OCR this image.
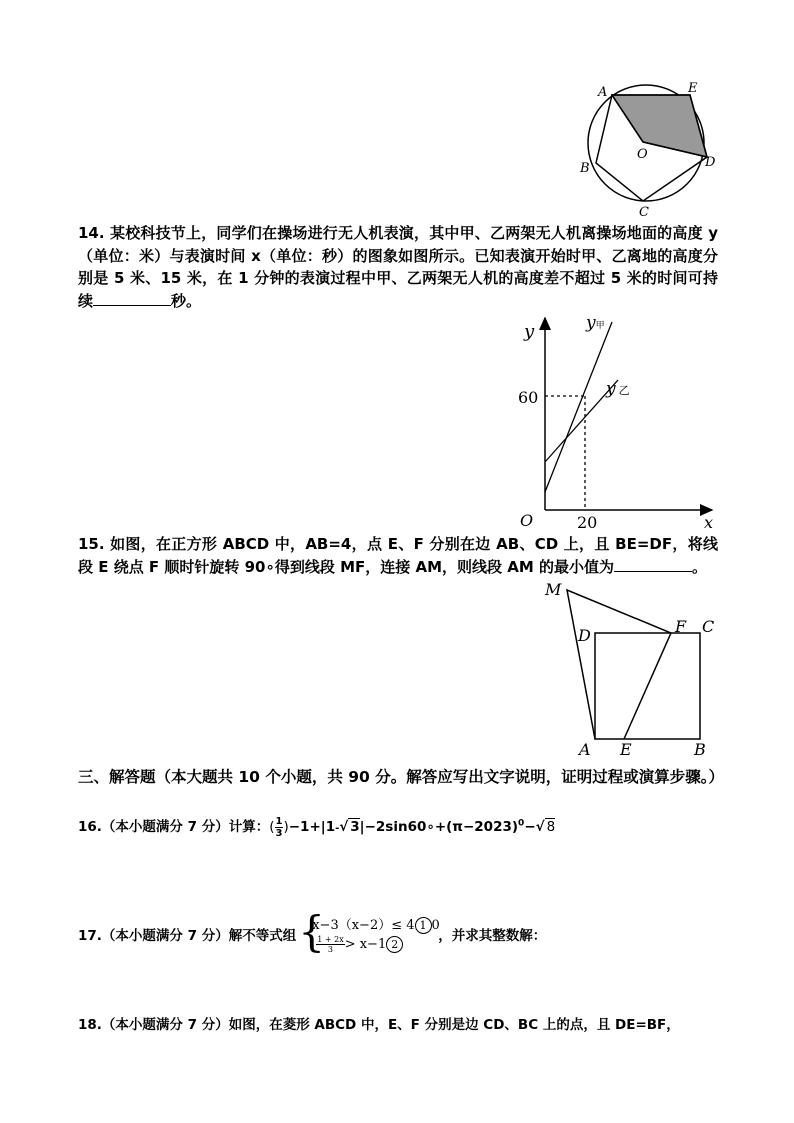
A	E
O
D
B
C
14. 某校科技节上，同学们在操场进行无人机表演，其中甲、乙两架无人机离操场地面的高度 y（单位：米）与表演时间 x（单位：秒）的图象如图所示。已知表演开始时甲、乙离地的高度分别是 5 米、15 米，在 1 分钟的表演过程中甲、乙两架无人机的高度差不超过 5 米的时间可持续	秒。
y	y甲
y乙
60
O	20	x
15. 如图，在正方形 ABCD 中，AB=4，点 E、F 分别在边 AB、CD 上，且 BE=DF，将线段 E 绕点 F 顺时针旋转 90∘得到线段 MF，连接 AM，则线段 AM 的最小值为	。
M
D	F C
A E	B
三、解答题（本大题共 10 个小题，共 90 分。解答应写出文字说明，证明过程或演算步骤。）
16.（本小题满分 7 分）计算：( $\frac{1}{3} )-1+|1-√$ $3|-2\sin 60\circ+(\pi-2023)^0-√$ 8
17.（本小题满分 7 分）解不等式组 {
x−3（x−2）≤ 4 1 0
$\frac{1 + 2x}{3} > x-1$ 2
，并求其整数解：
18.（本小题满分 7 分）如图，在菱形 ABCD 中，E、F 分别是边 CD、BC 上的点，且 DE=BF，
